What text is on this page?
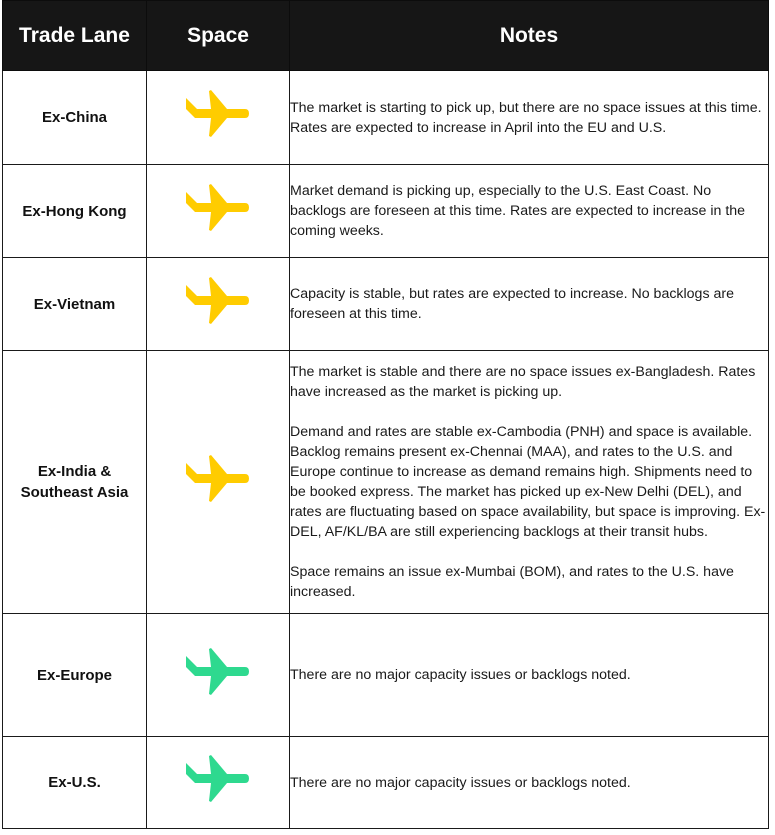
Trade Lane	Space	Notes
Ex-China		The market is starting to pick up, but there are no space issues at this time. Rates are expected to increase in April into the EU and U.S.

Ex-Hong Kong		Market demand is picking up, especially to the U.S. East Coast. No backlogs are foreseen at this time. Rates are expected to increase in the coming weeks.

Ex-Vietnam		Capacity is stable, but rates are expected to increase. No backlogs are foreseen at this time.

Ex-India & Southeast Asia		The market is stable and there are no space issues ex-Bangladesh. Rates have increased as the market is picking up.

Demand and rates are stable ex-Cambodia (PNH) and space is available. Backlog remains present ex-Chennai (MAA), and rates to the U.S. and Europe continue to increase as demand remains high. Shipments need to be booked express. The market has picked up ex-New Delhi (DEL), and rates are fluctuating based on space availability, but space is improving. Ex-DEL, AF/KL/BA are still experiencing backlogs at their transit hubs.

Space remains an issue ex-Mumbai (BOM), and rates to the U.S. have increased.

Ex-Europe		There are no major capacity issues or backlogs noted.

Ex-U.S.		There are no major capacity issues or backlogs noted.
